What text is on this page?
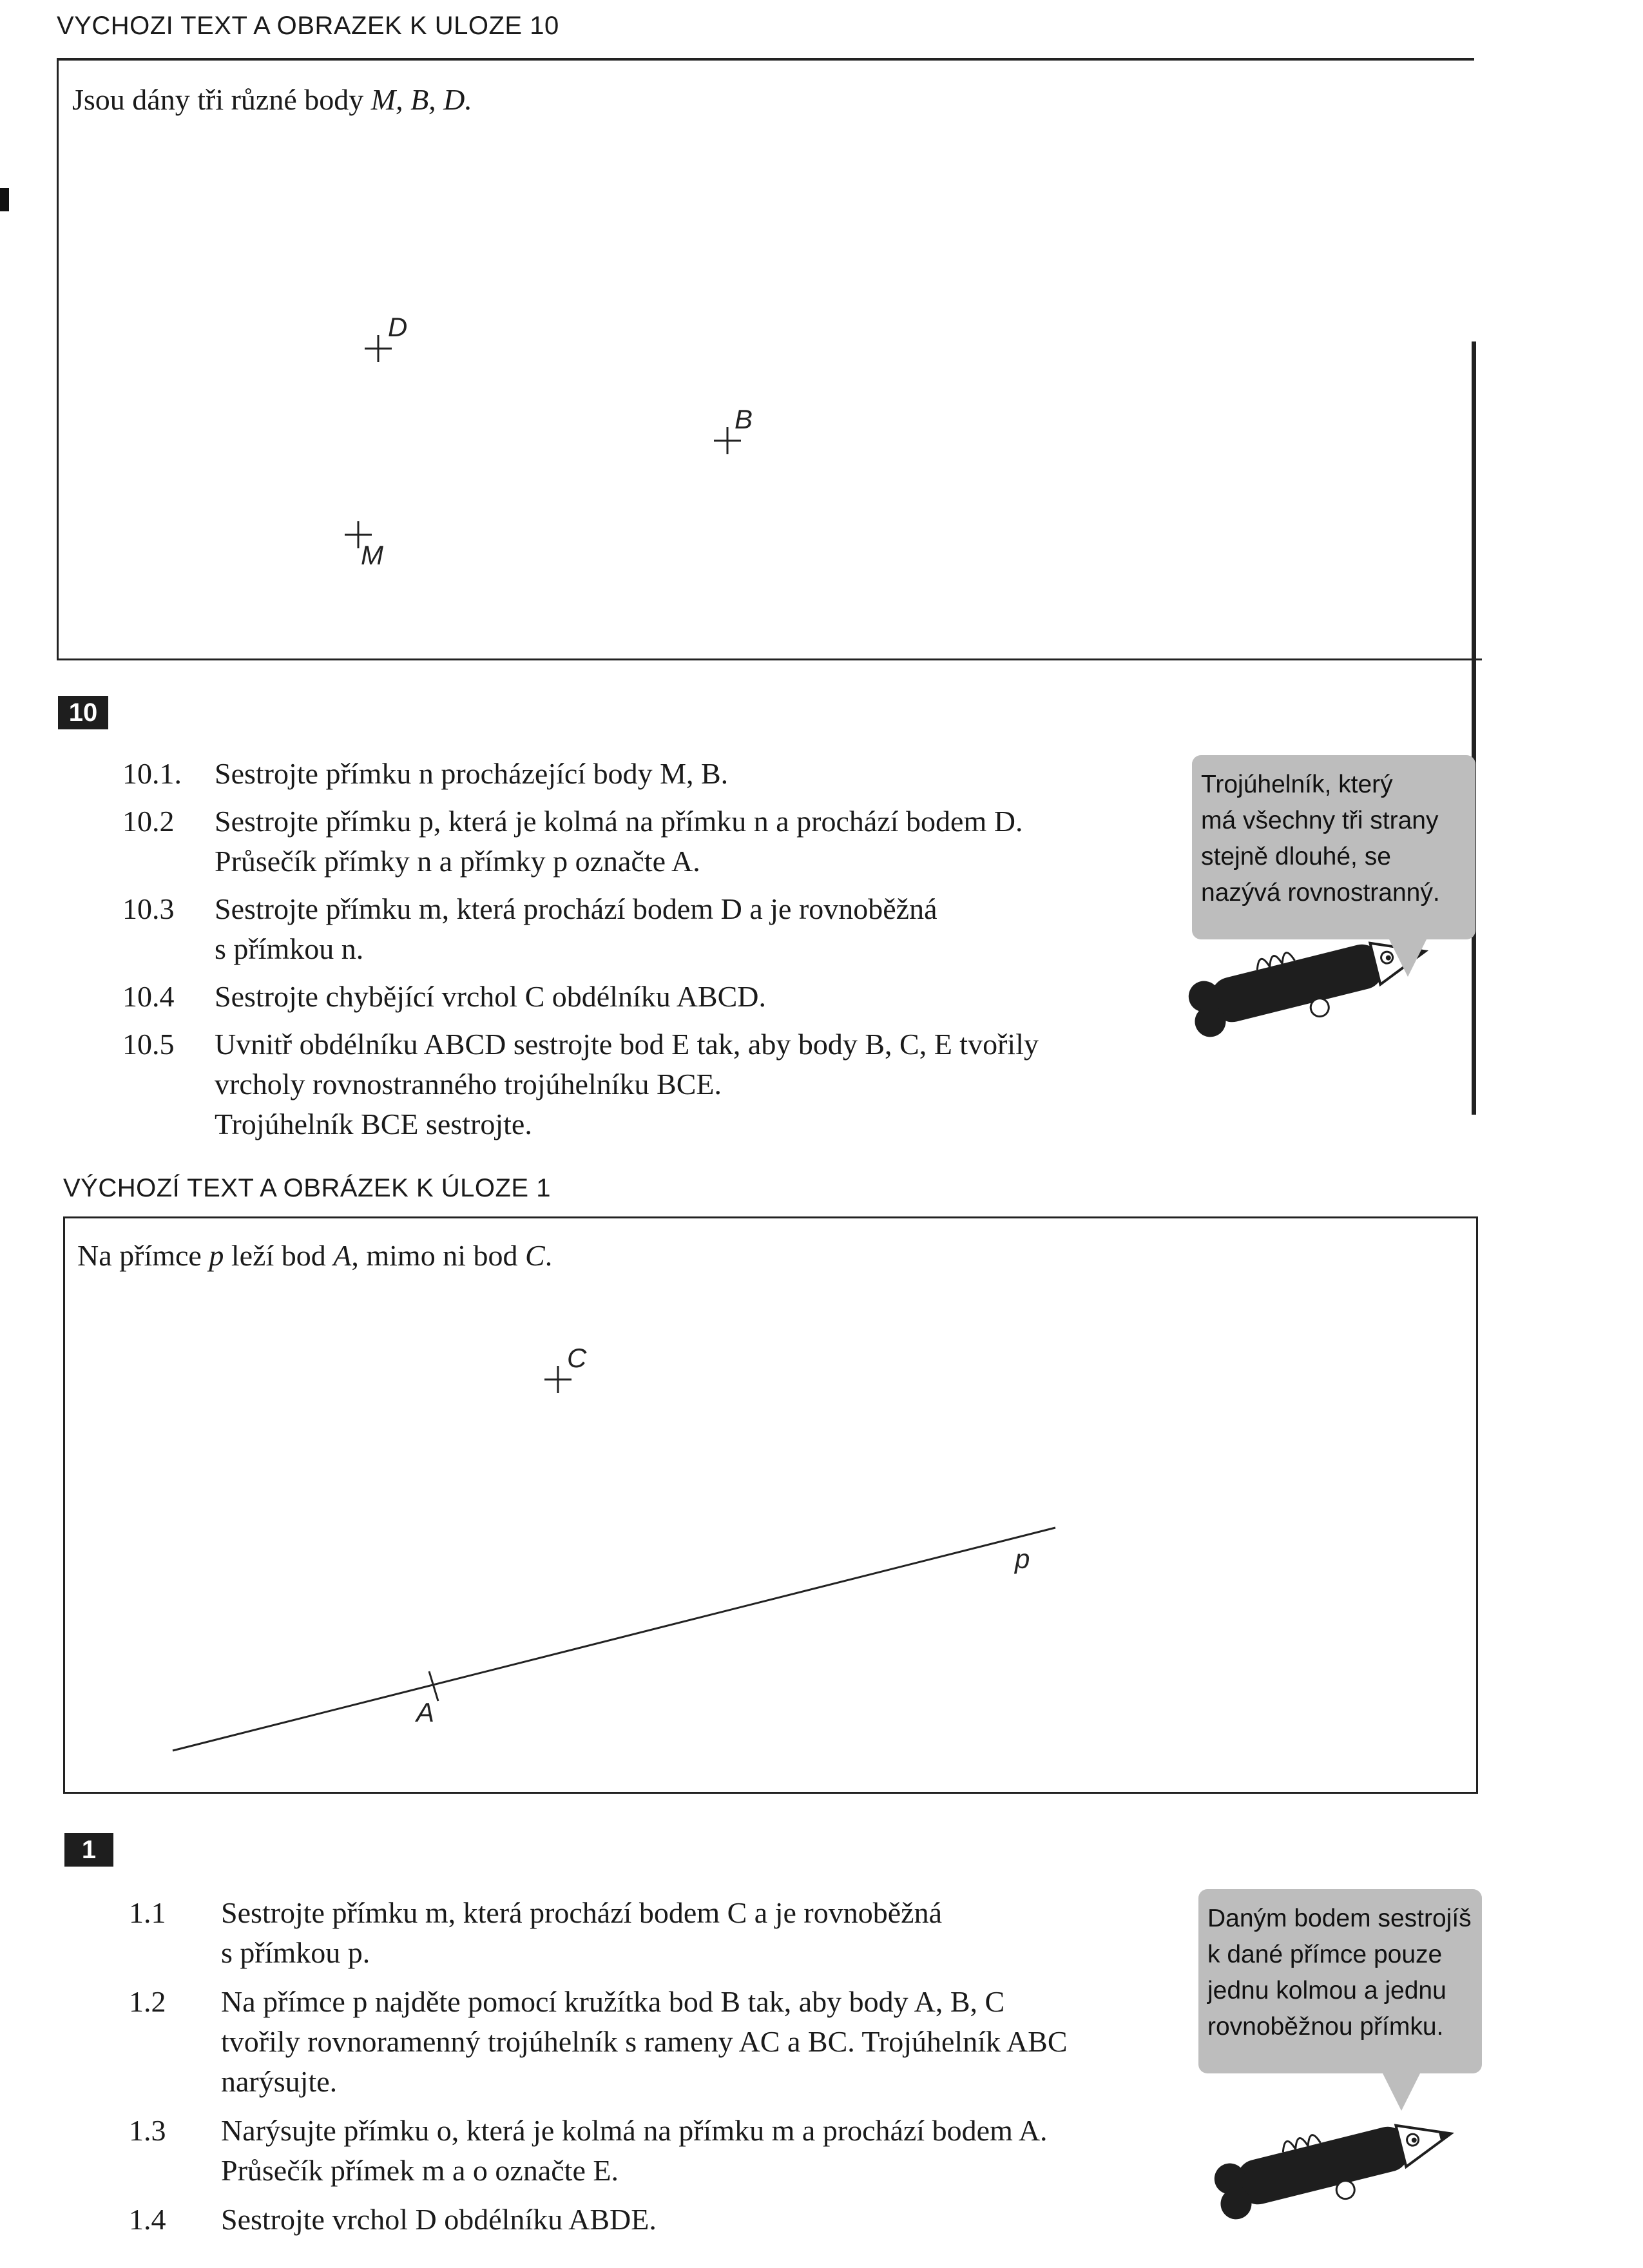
VYCHOZI TEXT A OBRAZEK K ULOZE 10
Jsou dány tři různé body M, B, D.
D
B
M
C
p
A
10
10.1. Sestrojte přímku n procházející body M, B.
10.2 Sestrojte přímku p, která je kolmá na přímku n a prochází bodem D.
Průsečík přímky n a přímky p označte A.
10.3 Sestrojte přímku m, která prochází bodem D a je rovnoběžná
s přímkou n.
10.4 Sestrojte chybějící vrchol C obdélníku ABCD.
10.5 Uvnitř obdélníku ABCD sestrojte bod E tak, aby body B, C, E tvořily
vrcholy rovnostranného trojúhelníku BCE.
Trojúhelník BCE sestrojte.
Trojúhelník, který
má všechny tři strany
stejně dlouhé, se
nazývá rovnostranný.
VÝCHOZÍ TEXT A OBRÁZEK K ÚLOZE 1
Na přímce p leží bod A, mimo ni bod C.
1
1.1 Sestrojte přímku m, která prochází bodem C a je rovnoběžná
s přímkou p.
1.2 Na přímce p najděte pomocí kružítka bod B tak, aby body A, B, C
tvořily rovnoramenný trojúhelník s rameny AC a BC. Trojúhelník ABC
narýsujte.
1.3 Narýsujte přímku o, která je kolmá na přímku m a prochází bodem A.
Průsečík přímek m a o označte E.
1.4 Sestrojte vrchol D obdélníku ABDE.
Daným bodem sestrojíš
k dané přímce pouze
jednu kolmou a jednu
rovnoběžnou přímku.
